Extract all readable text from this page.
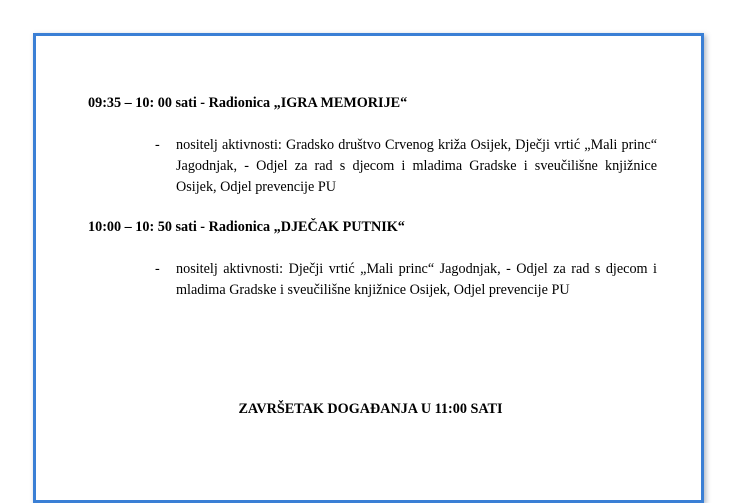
09:35 – 10: 00 sati - Radionica „IGRA MEMORIJE“
- nositelj aktivnosti: Gradsko društvo Crvenog križa Osijek, Dječji vrtić „Mali princ“ Jagodnjak, - Odjel za rad s djecom i mladima Gradske i sveučilišne knjižnice Osijek, Odjel prevencije PU
10:00 – 10: 50 sati - Radionica „DJEČAK PUTNIK“
- nositelj aktivnosti: Dječji vrtić „Mali princ“ Jagodnjak, - Odjel za rad s djecom i mladima Gradske i sveučilišne knjižnice Osijek, Odjel prevencije PU
ZAVRŠETAK DOGAĐANJA U 11:00 SATI
